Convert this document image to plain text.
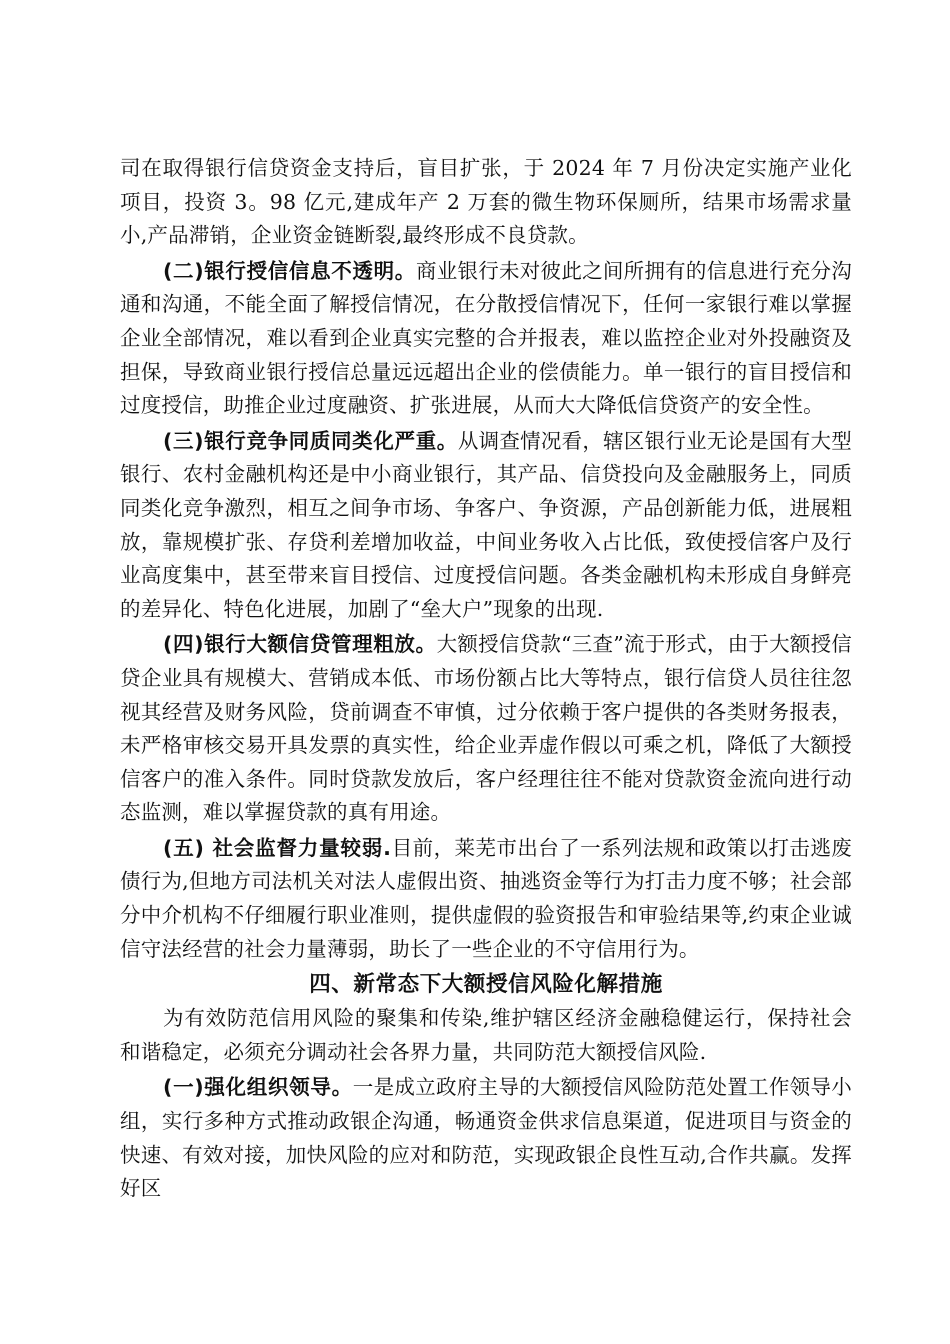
司在取得银行信贷资金支持后，盲目扩张，于 2024 年 7 月份决定实施产业化项目，投资 3。98 亿元,建成年产 2 万套的微生物环保厕所，结果市场需求量小,产品滞销，企业资金链断裂,最终形成不良贷款。

(二)银行授信信息不透明。商业银行未对彼此之间所拥有的信息进行充分沟通和沟通，不能全面了解授信情况，在分散授信情况下，任何一家银行难以掌握企业全部情况，难以看到企业真实完整的合并报表，难以监控企业对外投融资及担保，导致商业银行授信总量远远超出企业的偿债能力。单一银行的盲目授信和过度授信，助推企业过度融资、扩张进展，从而大大降低信贷资产的安全性。

(三)银行竞争同质同类化严重。从调查情况看，辖区银行业无论是国有大型银行、农村金融机构还是中小商业银行，其产品、信贷投向及金融服务上，同质同类化竞争激烈，相互之间争市场、争客户、争资源，产品创新能力低，进展粗放，靠规模扩张、存贷利差增加收益，中间业务收入占比低，致使授信客户及行业高度集中，甚至带来盲目授信、过度授信问题。各类金融机构未形成自身鲜亮的差异化、特色化进展，加剧了“垒大户”现象的出现.

(四)银行大额信贷管理粗放。大额授信贷款“三查”流于形式，由于大额授信贷企业具有规模大、营销成本低、市场份额占比大等特点，银行信贷人员往往忽视其经营及财务风险，贷前调查不审慎，过分依赖于客户提供的各类财务报表，未严格审核交易开具发票的真实性，给企业弄虚作假以可乘之机，降低了大额授信客户的准入条件。同时贷款发放后，客户经理往往不能对贷款资金流向进行动态监测，难以掌握贷款的真有用途。

(五) 社会监督力量较弱.目前，莱芜市出台了一系列法规和政策以打击逃废债行为,但地方司法机关对法人虚假出资、抽逃资金等行为打击力度不够；社会部分中介机构不仔细履行职业准则，提供虚假的验资报告和审验结果等,约束企业诚信守法经营的社会力量薄弱，助长了一些企业的不守信用行为。

四、新常态下大额授信风险化解措施

为有效防范信用风险的聚集和传染,维护辖区经济金融稳健运行，保持社会和谐稳定，必须充分调动社会各界力量，共同防范大额授信风险.

(一)强化组织领导。一是成立政府主导的大额授信风险防范处置工作领导小组，实行多种方式推动政银企沟通，畅通资金供求信息渠道，促进项目与资金的快速、有效对接，加快风险的应对和防范，实现政银企良性互动,合作共赢。发挥好区
